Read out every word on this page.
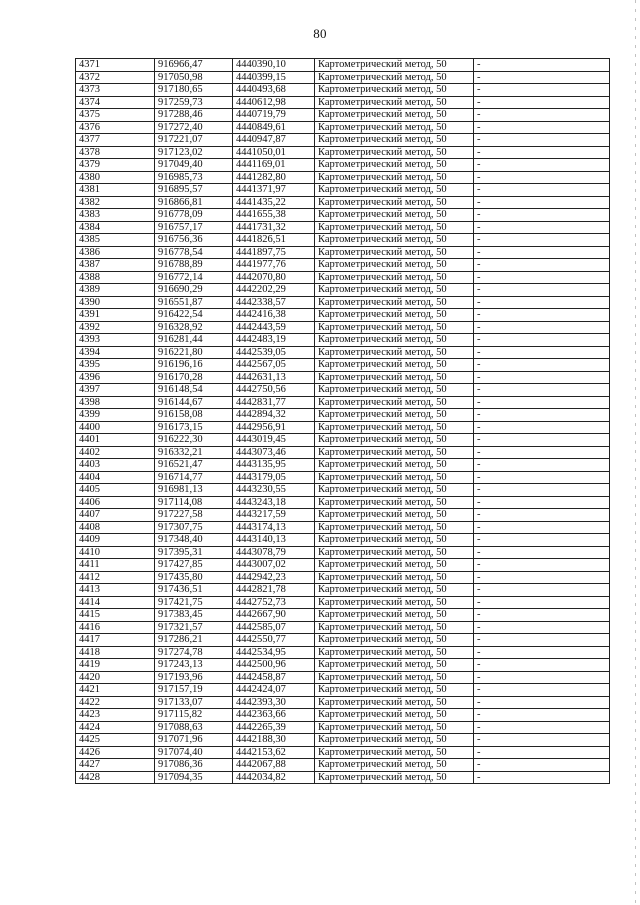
80
4371	916966,47	4440390,10	Картометрический метод, 50	-
4372	917050,98	4440399,15	Картометрический метод, 50	-
4373	917180,65	4440493,68	Картометрический метод, 50	-
4374	917259,73	4440612,98	Картометрический метод, 50	-
4375	917288,46	4440719,79	Картометрический метод, 50	-
4376	917272,40	4440849,61	Картометрический метод, 50	-
4377	917221,07	4440947,87	Картометрический метод, 50	-
4378	917123,02	4441050,01	Картометрический метод, 50	-
4379	917049,40	4441169,01	Картометрический метод, 50	-
4380	916985,73	4441282,80	Картометрический метод, 50	-
4381	916895,57	4441371,97	Картометрический метод, 50	-
4382	916866,81	4441435,22	Картометрический метод, 50	-
4383	916778,09	4441655,38	Картометрический метод, 50	-
4384	916757,17	4441731,32	Картометрический метод, 50	-
4385	916756,36	4441826,51	Картометрический метод, 50	-
4386	916778,54	4441897,75	Картометрический метод, 50	-
4387	916788,89	4441977,76	Картометрический метод, 50	-
4388	916772,14	4442070,80	Картометрический метод, 50	-
4389	916690,29	4442202,29	Картометрический метод, 50	-
4390	916551,87	4442338,57	Картометрический метод, 50	-
4391	916422,54	4442416,38	Картометрический метод, 50	-
4392	916328,92	4442443,59	Картометрический метод, 50	-
4393	916281,44	4442483,19	Картометрический метод, 50	-
4394	916221,80	4442539,05	Картометрический метод, 50	-
4395	916196,16	4442567,05	Картометрический метод, 50	-
4396	916170,28	4442631,13	Картометрический метод, 50	-
4397	916148,54	4442750,56	Картометрический метод, 50	-
4398	916144,67	4442831,77	Картометрический метод, 50	-
4399	916158,08	4442894,32	Картометрический метод, 50	-
4400	916173,15	4442956,91	Картометрический метод, 50	-
4401	916222,30	4443019,45	Картометрический метод, 50	-
4402	916332,21	4443073,46	Картометрический метод, 50	-
4403	916521,47	4443135,95	Картометрический метод, 50	-
4404	916714,77	4443179,05	Картометрический метод, 50	-
4405	916981,13	4443230,55	Картометрический метод, 50	-
4406	917114,08	4443243,18	Картометрический метод, 50	-
4407	917227,58	4443217,59	Картометрический метод, 50	-
4408	917307,75	4443174,13	Картометрический метод, 50	-
4409	917348,40	4443140,13	Картометрический метод, 50	-
4410	917395,31	4443078,79	Картометрический метод, 50	-
4411	917427,85	4443007,02	Картометрический метод, 50	-
4412	917435,80	4442942,23	Картометрический метод, 50	-
4413	917436,51	4442821,78	Картометрический метод, 50	-
4414	917421,75	4442752,73	Картометрический метод, 50	-
4415	917383,45	4442667,90	Картометрический метод, 50	-
4416	917321,57	4442585,07	Картометрический метод, 50	-
4417	917286,21	4442550,77	Картометрический метод, 50	-
4418	917274,78	4442534,95	Картометрический метод, 50	-
4419	917243,13	4442500,96	Картометрический метод, 50	-
4420	917193,96	4442458,87	Картометрический метод, 50	-
4421	917157,19	4442424,07	Картометрический метод, 50	-
4422	917133,07	4442393,30	Картометрический метод, 50	-
4423	917115,82	4442363,66	Картометрический метод, 50	-
4424	917088,63	4442265,39	Картометрический метод, 50	-
4425	917071,96	4442188,30	Картометрический метод, 50	-
4426	917074,40	4442153,62	Картометрический метод, 50	-
4427	917086,36	4442067,88	Картометрический метод, 50	-
4428	917094,35	4442034,82	Картометрический метод, 50	-
